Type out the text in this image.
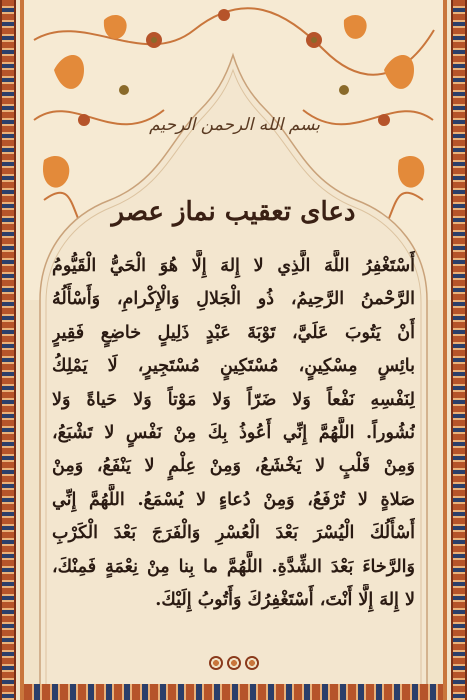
بسم الله الرحمن الرحيم
دعای تعقیب نماز عصر
أَسْتَغْفِرُ اللَّهَ الَّذِي لا إِلهَ إِلَّا هُوَ الْحَيُّ الْقَيُّومُ
الرَّحْمنُ الرَّحِيمُ، ذُو الْجَلالِ وَالْإِكْرامِ، وَأَسْأَلُهُ
أَنْ يَتُوبَ عَلَيَّ، تَوْبَةَ عَبْدٍ ذَلِيلٍ خاضِعٍ فَقِيرٍ
بائِسٍ مِسْكِينٍ، مُسْتَكِينٍ مُسْتَجِيرٍ، لَا يَمْلِكُ
لِنَفْسِهِ نَفْعاً وَلا ضَرّاً وَلا مَوْتاً وَلا حَياةً وَلا
نُشُوراً. اللَّهُمَّ إِنِّي أَعُوذُ بِكَ مِنْ نَفْسٍ لا تَشْبَعُ،
وَمِنْ قَلْبٍ لا يَخْشَعُ، وَمِنْ عِلْمٍ لا يَنْفَعُ، وَمِنْ
صَلاةٍ لا تُرْفَعُ، وَمِنْ دُعاءٍ لا يُسْمَعُ. اللَّهُمَّ إِنِّي
أَسْأَلُكَ الْيُسْرَ بَعْدَ الْعُسْرِ وَالْفَرَجَ بَعْدَ الْكَرْبِ
وَالرَّخاءَ بَعْدَ الشِّدَّةِ. اللَّهُمَّ ما بِنا مِنْ نِعْمَةٍ فَمِنْكَ،
لا إِلهَ إِلَّا أَنْتَ، أَسْتَغْفِرُكَ وَأَتُوبُ إِلَيْكَ.
